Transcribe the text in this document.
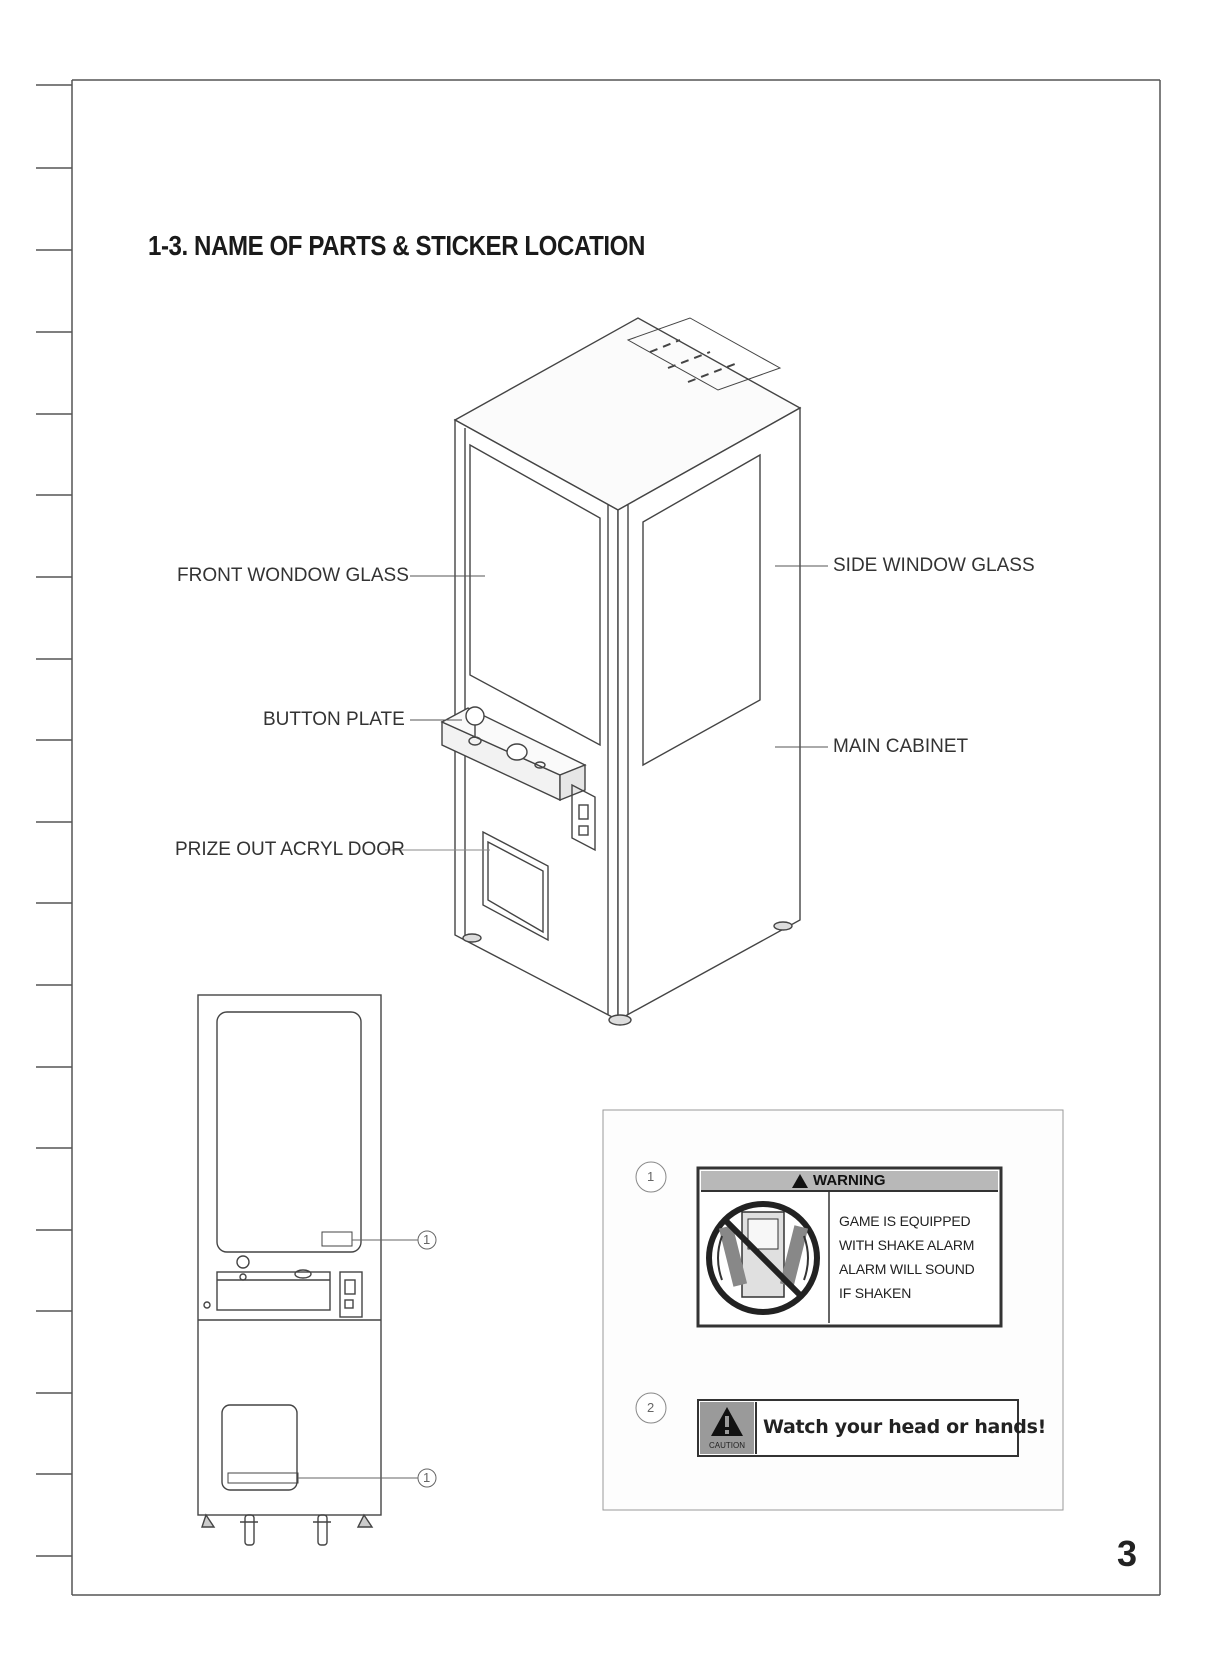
1-3. NAME OF PARTS & STICKER LOCATION
FRONT WONDOW GLASS	SIDE WINDOW GLASS
BUTTON PLATE
MAIN CABINET
PRIZE OUT ACRYL DOOR
1
1
1
2
WARNING
GAME IS EQUIPPED
WITH SHAKE ALARM
ALARM WILL SOUND
IF SHAKEN
CAUTION
Watch your head or hands!
3
